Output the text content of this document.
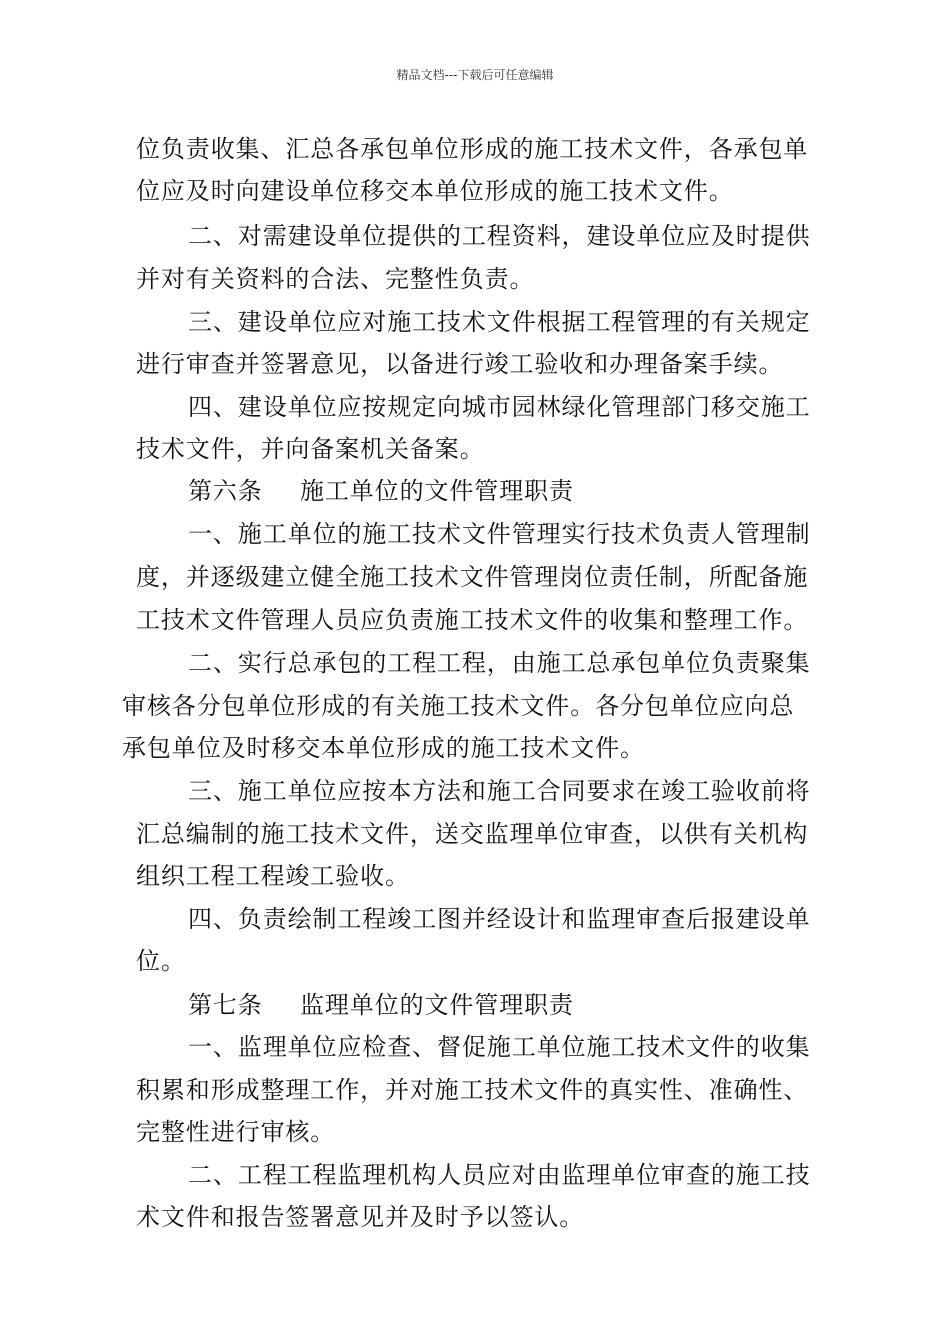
精品文档---下载后可任意编辑
位负责收集、汇总各承包单位形成的施工技术文件，各承包单
位应及时向建设单位移交本单位形成的施工技术文件。
二、对需建设单位提供的工程资料，建设单位应及时提供
并对有关资料的合法、完整性负责。
三、建设单位应对施工技术文件根据工程管理的有关规定
进行审查并签署意见，以备进行竣工验收和办理备案手续。
四、建设单位应按规定向城市园林绿化管理部门移交施工
技术文件，并向备案机关备案。
第六条 施工单位的文件管理职责
一、施工单位的施工技术文件管理实行技术负责人管理制
度，并逐级建立健全施工技术文件管理岗位责任制，所配备施
工技术文件管理人员应负责施工技术文件的收集和整理工作。
二、实行总承包的工程工程，由施工总承包单位负责聚集
审核各分包单位形成的有关施工技术文件。各分包单位应向总
承包单位及时移交本单位形成的施工技术文件。
三、施工单位应按本方法和施工合同要求在竣工验收前将
汇总编制的施工技术文件，送交监理单位审查，以供有关机构
组织工程工程竣工验收。
四、负责绘制工程竣工图并经设计和监理审查后报建设单
位。
第七条 监理单位的文件管理职责
一、监理单位应检查、督促施工单位施工技术文件的收集
积累和形成整理工作，并对施工技术文件的真实性、准确性、
完整性进行审核。
二、工程工程监理机构人员应对由监理单位审查的施工技
术文件和报告签署意见并及时予以签认。
